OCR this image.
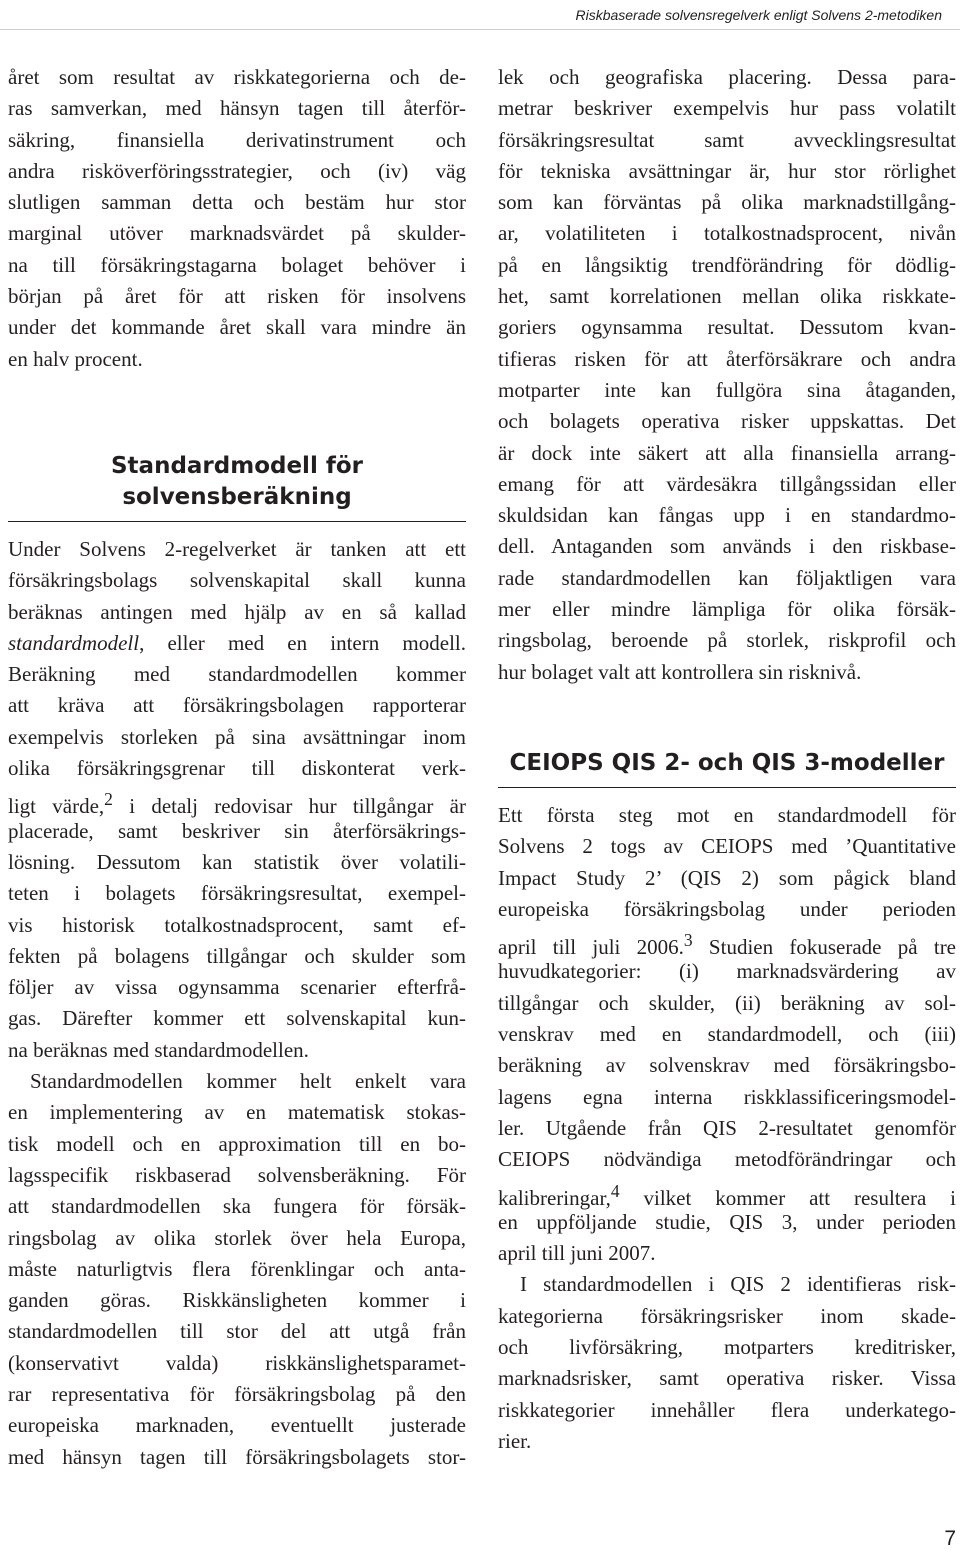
Riskbaserade solvensregelverk enligt Solvens 2-metodiken
året som resultat av riskkategorierna och de-
ras samverkan, med hänsyn tagen till återför-
säkring, finansiella derivatinstrument och
andra risköverföringsstrategier, och (iv) väg
slutligen samman detta och bestäm hur stor
marginal utöver marknadsvärdet på skulder-
na till försäkringstagarna bolaget behöver i
början på året för att risken för insolvens
under det kommande året skall vara mindre än
en halv procent.
Standardmodell för
solvensberäkning
Under Solvens 2-regelverket är tanken att ett
försäkringsbolags solvenskapital skall kunna
beräknas antingen med hjälp av en så kallad
standardmodell, eller med en intern modell.
Beräkning med standardmodellen kommer
att kräva att försäkringsbolagen rapporterar
exempelvis storleken på sina avsättningar inom
olika försäkringsgrenar till diskonterat verk-
ligt värde,$^2$ i detalj redovisar hur tillgångar är
placerade, samt beskriver sin återförsäkrings-
lösning. Dessutom kan statistik över volatili-
teten i bolagets försäkringsresultat, exempel-
vis historisk totalkostnadsprocent, samt ef-
fekten på bolagens tillgångar och skulder som
följer av vissa ogynsamma scenarier efterfrå-
gas. Därefter kommer ett solvenskapital kun-
na beräknas med standardmodellen.
Standardmodellen kommer helt enkelt vara
en implementering av en matematisk stokas-
tisk modell och en approximation till en bo-
lagsspecifik riskbaserad solvensberäkning. För
att standardmodellen ska fungera för försäk-
ringsbolag av olika storlek över hela Europa,
måste naturligtvis flera förenklingar och anta-
ganden göras. Riskkänsligheten kommer i
standardmodellen till stor del att utgå från
(konservativt valda) riskkänslighetsparamet-
rar representativa för försäkringsbolag på den
europeiska marknaden, eventuellt justerade
med hänsyn tagen till försäkringsbolagets stor-
lek och geografiska placering. Dessa para-
metrar beskriver exempelvis hur pass volatilt
försäkringsresultat samt avvecklingsresultat
för tekniska avsättningar är, hur stor rörlighet
som kan förväntas på olika marknadstillgång-
ar, volatiliteten i totalkostnadsprocent, nivån
på en långsiktig trendförändring för dödlig-
het, samt korrelationen mellan olika riskkate-
goriers ogynsamma resultat. Dessutom kvan-
tifieras risken för att återförsäkrare och andra
motparter inte kan fullgöra sina åtaganden,
och bolagets operativa risker uppskattas. Det
är dock inte säkert att alla finansiella arrang-
emang för att värdesäkra tillgångssidan eller
skuldsidan kan fångas upp i en standardmo-
dell. Antaganden som används i den riskbase-
rade standardmodellen kan följaktligen vara
mer eller mindre lämpliga för olika försäk-
ringsbolag, beroende på storlek, riskprofil och
hur bolaget valt att kontrollera sin risknivå.
CEIOPS QIS 2- och QIS 3-modeller
Ett första steg mot en standardmodell för
Solvens 2 togs av CEIOPS med ’Quantitative
Impact Study 2’ (QIS 2) som pågick bland
europeiska försäkringsbolag under perioden
april till juli 2006.$^3$ Studien fokuserade på tre
huvudkategorier: (i) marknadsvärdering av
tillgångar och skulder, (ii) beräkning av sol-
venskrav med en standardmodell, och (iii)
beräkning av solvenskrav med försäkringsbo-
lagens egna interna riskklassificeringsmodel-
ler. Utgående från QIS 2-resultatet genomför
CEIOPS nödvändiga metodförändringar och
kalibreringar,$^4$ vilket kommer att resultera i
en uppföljande studie, QIS 3, under perioden
april till juni 2007.
I standardmodellen i QIS 2 identifieras risk-
kategorierna försäkringsrisker inom skade-
och livförsäkring, motparters kreditrisker,
marknadsrisker, samt operativa risker. Vissa
riskkategorier innehåller flera underkatego-
rier.
7
